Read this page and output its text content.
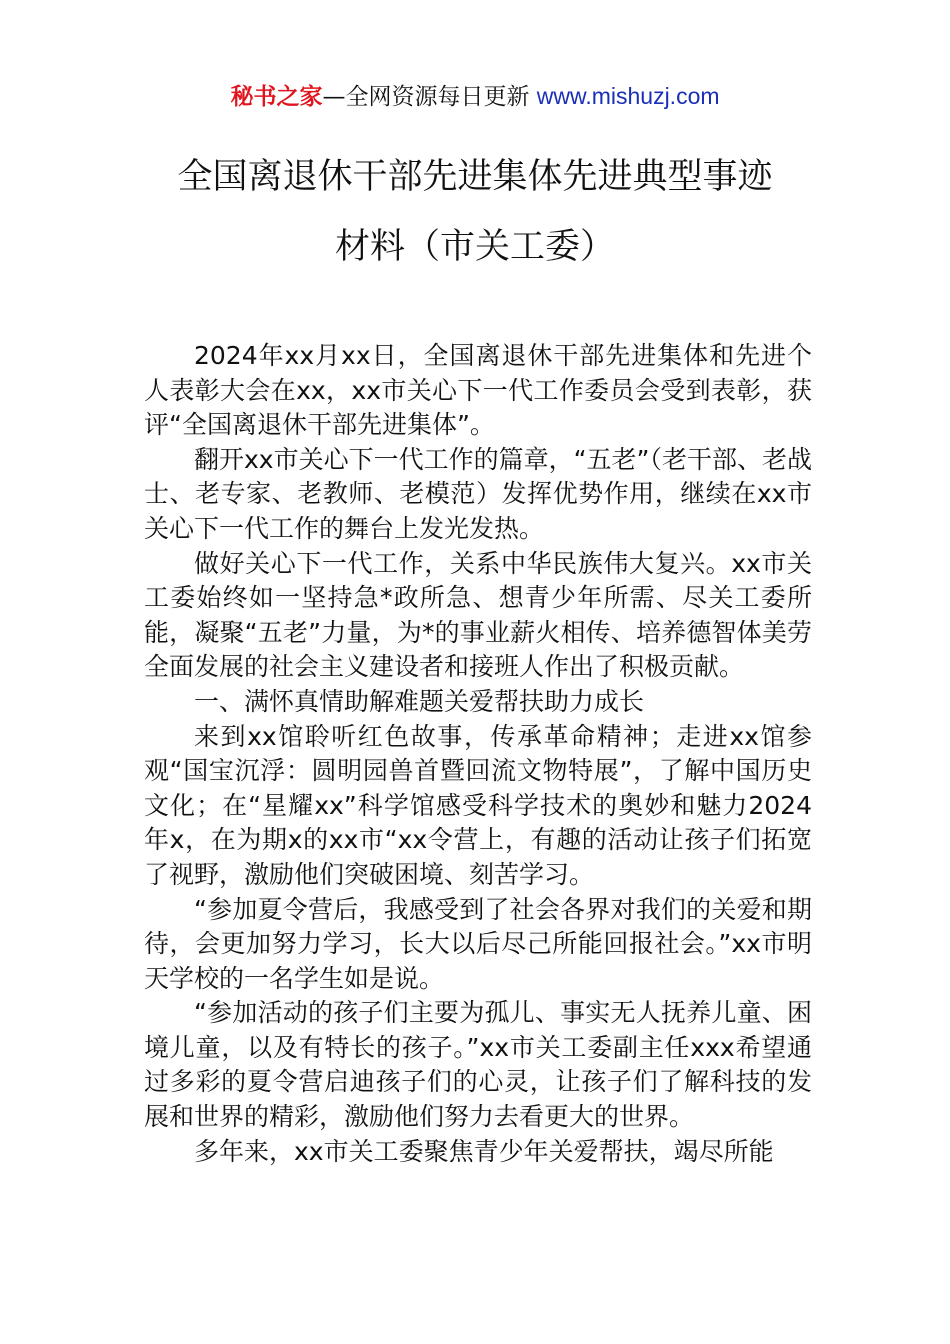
秘书之家—全网资源每日更新 www.mishuzj.com
全国离退休干部先进集体先进典型事迹
材料（市关工委）

2024年xx月xx日，全国离退休干部先进集体和先进个人表彰大会在xx，xx市关心下一代工作委员会受到表彰，获评“全国离退休干部先进集体”。

翻开xx市关心下一代工作的篇章，“五老”（老干部、老战士、老专家、老教师、老模范）发挥优势作用，继续在xx市关心下一代工作的舞台上发光发热。

做好关心下一代工作，关系中华民族伟大复兴。xx市关工委始终如一坚持急*政所急、想青少年所需、尽关工委所能，凝聚“五老”力量，为*的事业薪火相传、培养德智体美劳全面发展的社会主义建设者和接班人作出了积极贡献。

一、满怀真情助解难题关爱帮扶助力成长

来到xx馆聆听红色故事，传承革命精神；走进xx馆参观“国宝沉浮：圆明园兽首暨回流文物特展”，了解中国历史文化；在“星耀xx”科学馆感受科学技术的奥妙和魅力2024年x，在为期x的xx市“xx令营上，有趣的活动让孩子们拓宽了视野，激励他们突破困境、刻苦学习。

“参加夏令营后，我感受到了社会各界对我们的关爱和期待，会更加努力学习，长大以后尽己所能回报社会。”xx市明天学校的一名学生如是说。

“参加活动的孩子们主要为孤儿、事实无人抚养儿童、困境儿童，以及有特长的孩子。”xx市关工委副主任xxx希望通过多彩的夏令营启迪孩子们的心灵，让孩子们了解科技的发展和世界的精彩，激励他们努力去看更大的世界。

多年来，xx市关工委聚焦青少年关爱帮扶，竭尽所能
